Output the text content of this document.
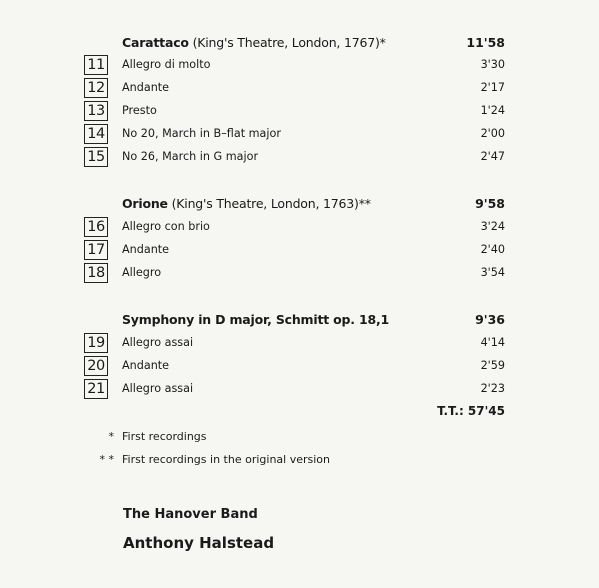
Carattaco (King's Theatre, London, 1767)*	11'58
11 Allegro di molto	3'30
12 Andante	2'17
13 Presto	1'24
14 No 20, March in B–flat major	2'00
15 No 26, March in G major	2'47
Orione (King's Theatre, London, 1763)**	9'58
16 Allegro con brio	3'24
17 Andante	2'40
18 Allegro	3'54
Symphony in D major, Schmitt op. 18,1	9'36
19 Allegro assai	4'14
20 Andante	2'59
21 Allegro assai	2'23
T.T.: 57'45
* First recordings
* * First recordings in the original version
The Hanover Band
Anthony Halstead
